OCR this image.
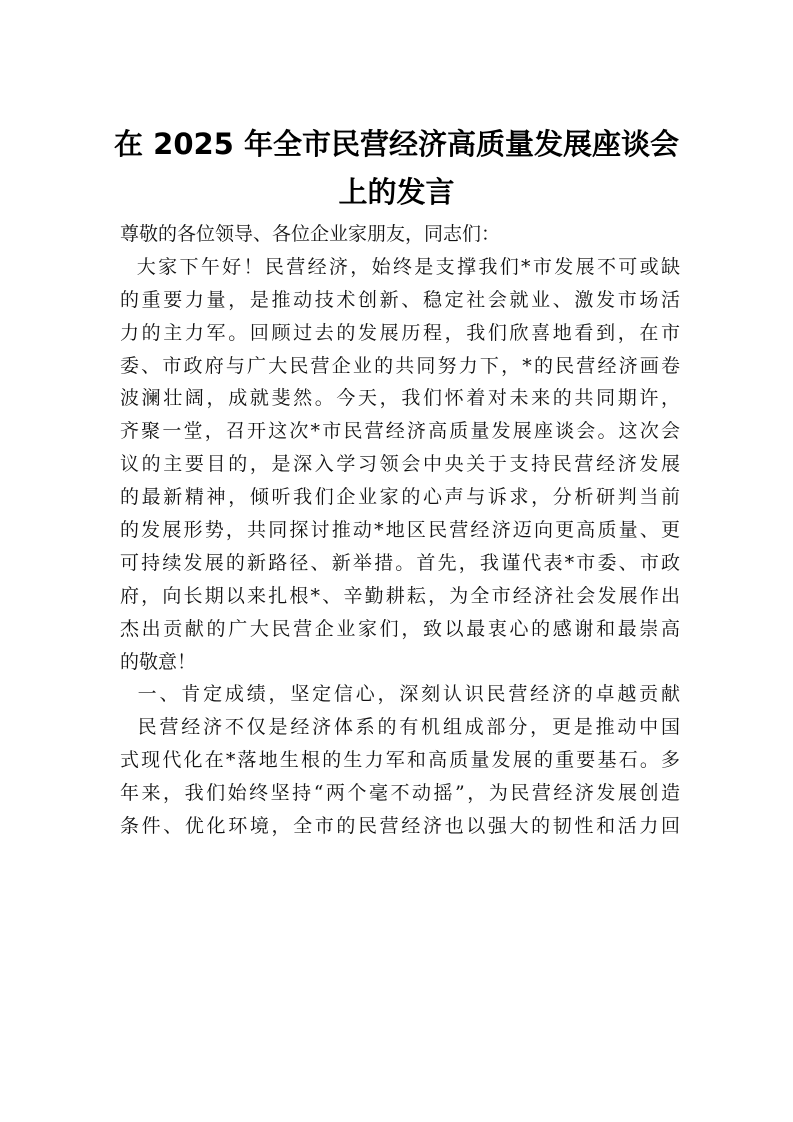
在 2025 年全市民营经济高质量发展座谈会
上的发言
尊敬的各位领导、各位企业家朋友，同志们：
大家下午好！民营经济，始终是支撑我们*市发展不可或缺
的重要力量，是推动技术创新、稳定社会就业、激发市场活
力的主力军。回顾过去的发展历程，我们欣喜地看到，在市
委、市政府与广大民营企业的共同努力下，*的民营经济画卷
波澜壮阔，成就斐然。今天，我们怀着对未来的共同期许，
齐聚一堂，召开这次*市民营经济高质量发展座谈会。这次会
议的主要目的，是深入学习领会中央关于支持民营经济发展
的最新精神，倾听我们企业家的心声与诉求，分析研判当前
的发展形势，共同探讨推动*地区民营经济迈向更高质量、更
可持续发展的新路径、新举措。首先，我谨代表*市委、市政
府，向长期以来扎根*、辛勤耕耘，为全市经济社会发展作出
杰出贡献的广大民营企业家们，致以最衷心的感谢和最崇高
的敬意！
一、肯定成绩，坚定信心，深刻认识民营经济的卓越贡献
民营经济不仅是经济体系的有机组成部分，更是推动中国
式现代化在*落地生根的生力军和高质量发展的重要基石。多
年来，我们始终坚持“两个毫不动摇”，为民营经济发展创造
条件、优化环境，全市的民营经济也以强大的韧性和活力回
